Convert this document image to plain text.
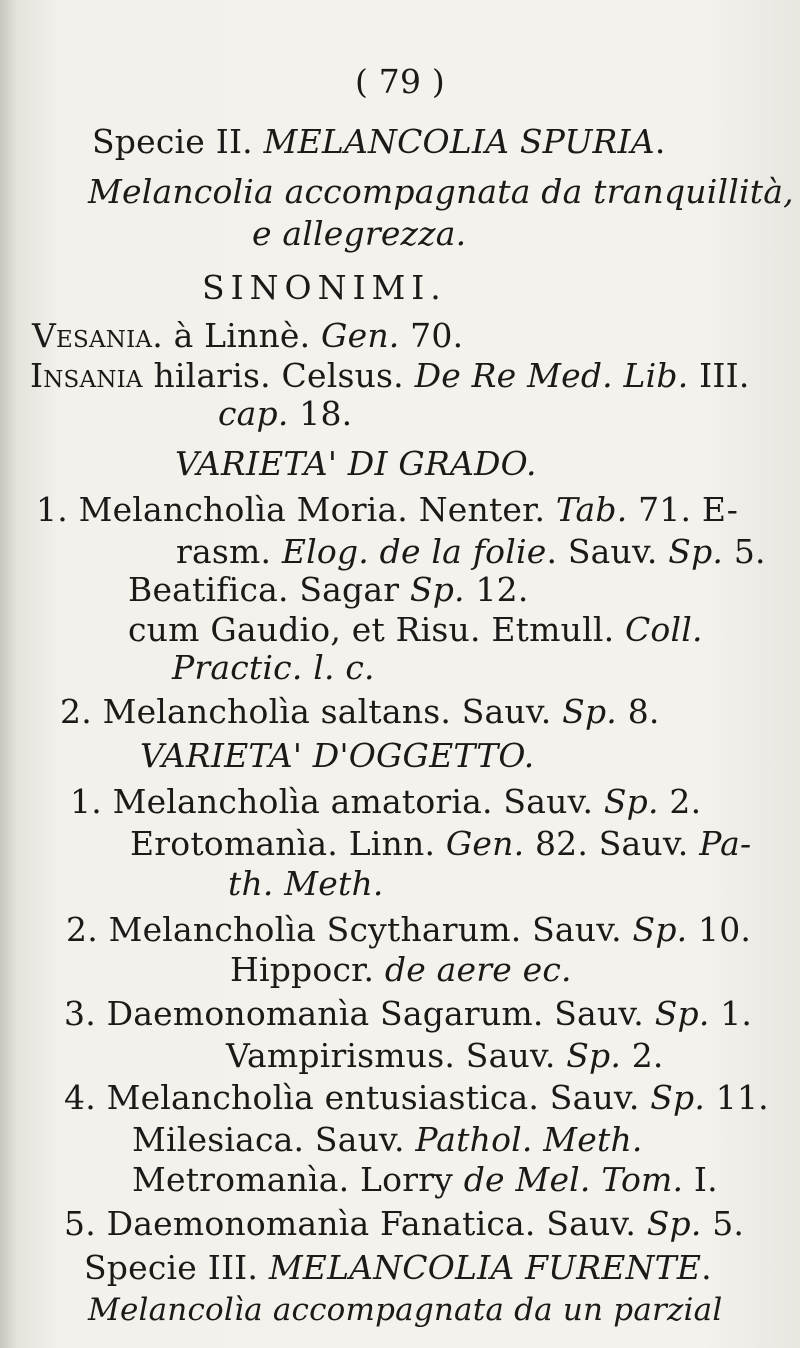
( 79 )
Specie II. MELANCOLIA SPURIA.
Melancolia accompagnata da tranquillità,
e allegrezza.
SINONIMI.
Vesania. à Linnè. Gen. 70.
Insania hilaris. Celsus. De Re Med. Lib. III.
cap. 18.
VARIETA' DI GRADO.
1. Melancholìa Moria. Nenter. Tab. 71. E-
rasm. Elog. de la folie. Sauv. Sp. 5.
Beatifica. Sagar Sp. 12.
cum Gaudio, et Risu. Etmull. Coll.
Practic. l. c.
2. Melancholìa saltans. Sauv. Sp. 8.
VARIETA' D'OGGETTO.
1. Melancholìa amatoria. Sauv. Sp. 2.
Erotomanìa. Linn. Gen. 82. Sauv. Pa-
th. Meth.
2. Melancholìa Scytharum. Sauv. Sp. 10.
Hippocr. de aere ec.
3. Daemonomanìa Sagarum. Sauv. Sp. 1.
Vampirismus. Sauv. Sp. 2.
4. Melancholìa entusiastica. Sauv. Sp. 11.
Milesiaca. Sauv. Pathol. Meth.
Metromanìa. Lorry de Mel. Tom. I.
5. Daemonomanìa Fanatica. Sauv. Sp. 5.
Specie III. MELANCOLIA FURENTE.
Melancolìa accompagnata da un parzial
